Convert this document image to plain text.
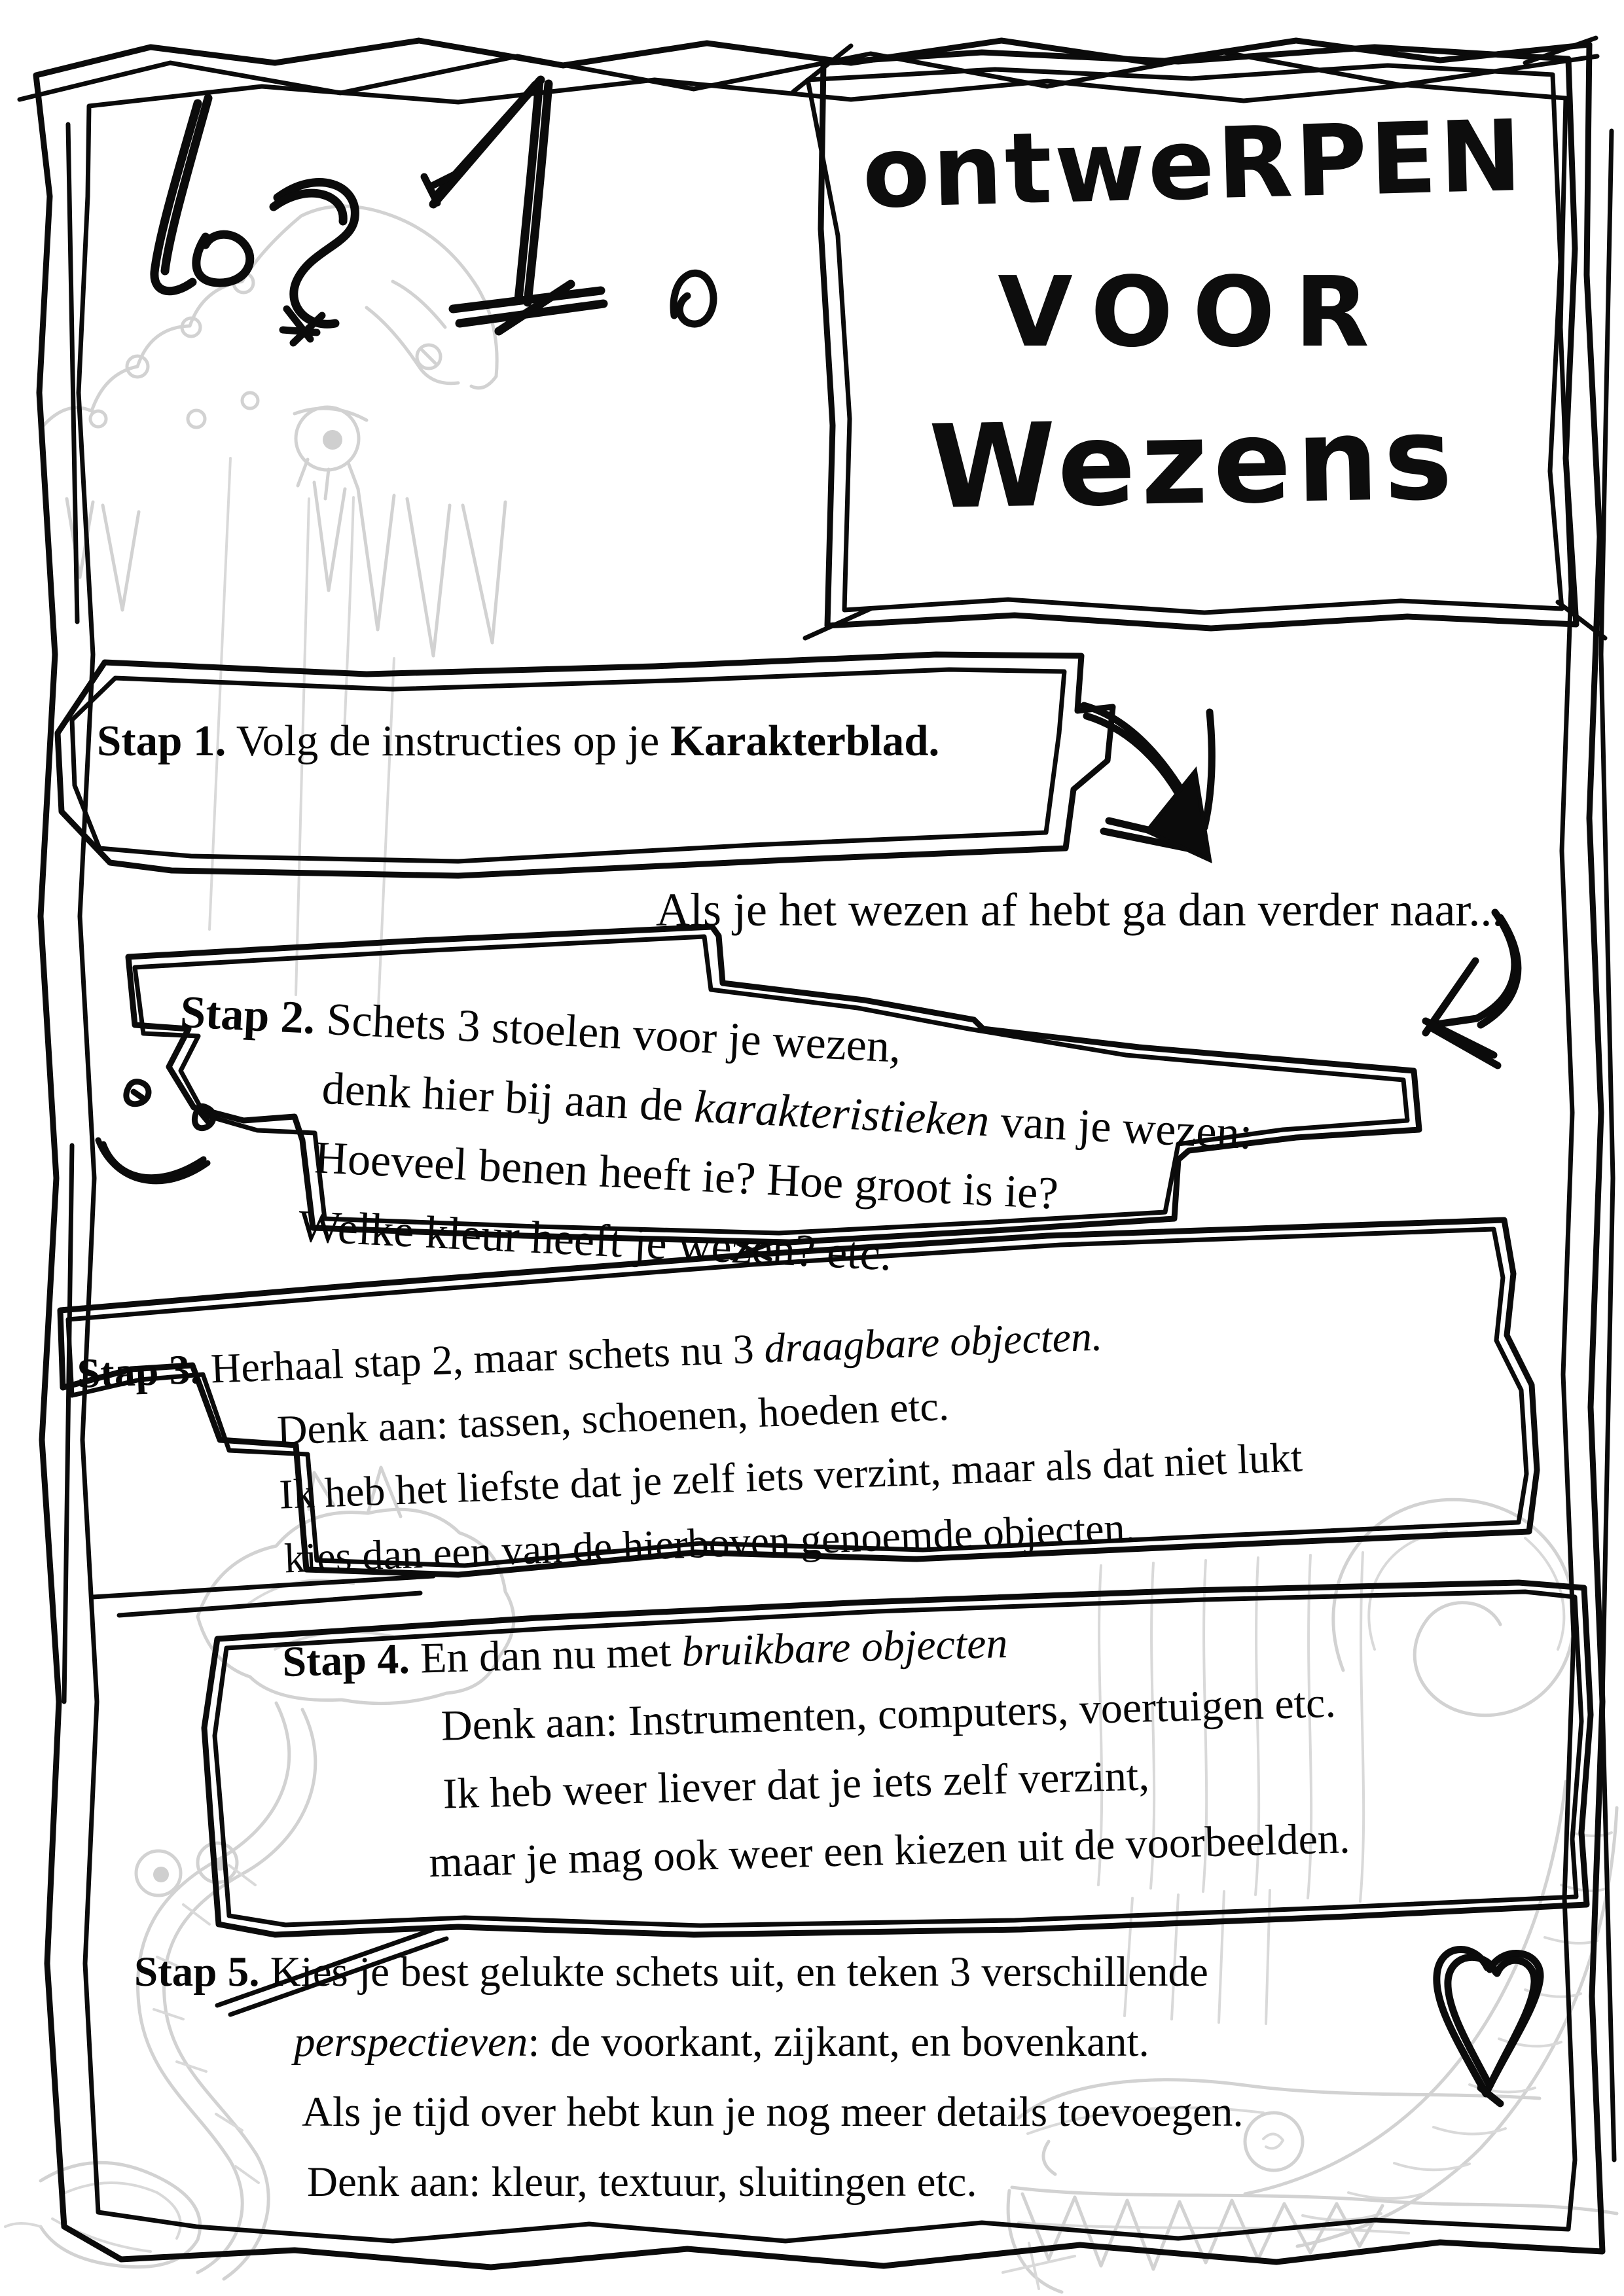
ontweRPEN
VOOR
Wezens
Stap 1. Volg de instructies op je Karakterblad.
Als je het wezen af hebt ga dan verder naar...
Stap 2. Schets 3 stoelen voor je wezen,
denk hier bij aan de karakteristieken van je wezen:
Hoeveel benen heeft ie? Hoe groot is ie?
Welke kleur heeft je wezen? etc.
Stap 3. Herhaal stap 2, maar schets nu 3 draagbare objecten.
Denk aan: tassen, schoenen, hoeden etc.
Ik heb het liefste dat je zelf iets verzint, maar als dat niet lukt
kies dan een van de hierboven genoemde objecten.
Stap 4. En dan nu met bruikbare objecten
Denk aan: Instrumenten, computers, voertuigen etc.
Ik heb weer liever dat je iets zelf verzint,
maar je mag ook weer een kiezen uit de voorbeelden.
Stap 5. Kies je best gelukte schets uit, en teken 3 verschillende
perspectieven: de voorkant, zijkant, en bovenkant.
Als je tijd over hebt kun je nog meer details toevoegen.
Denk aan: kleur, textuur, sluitingen etc.
